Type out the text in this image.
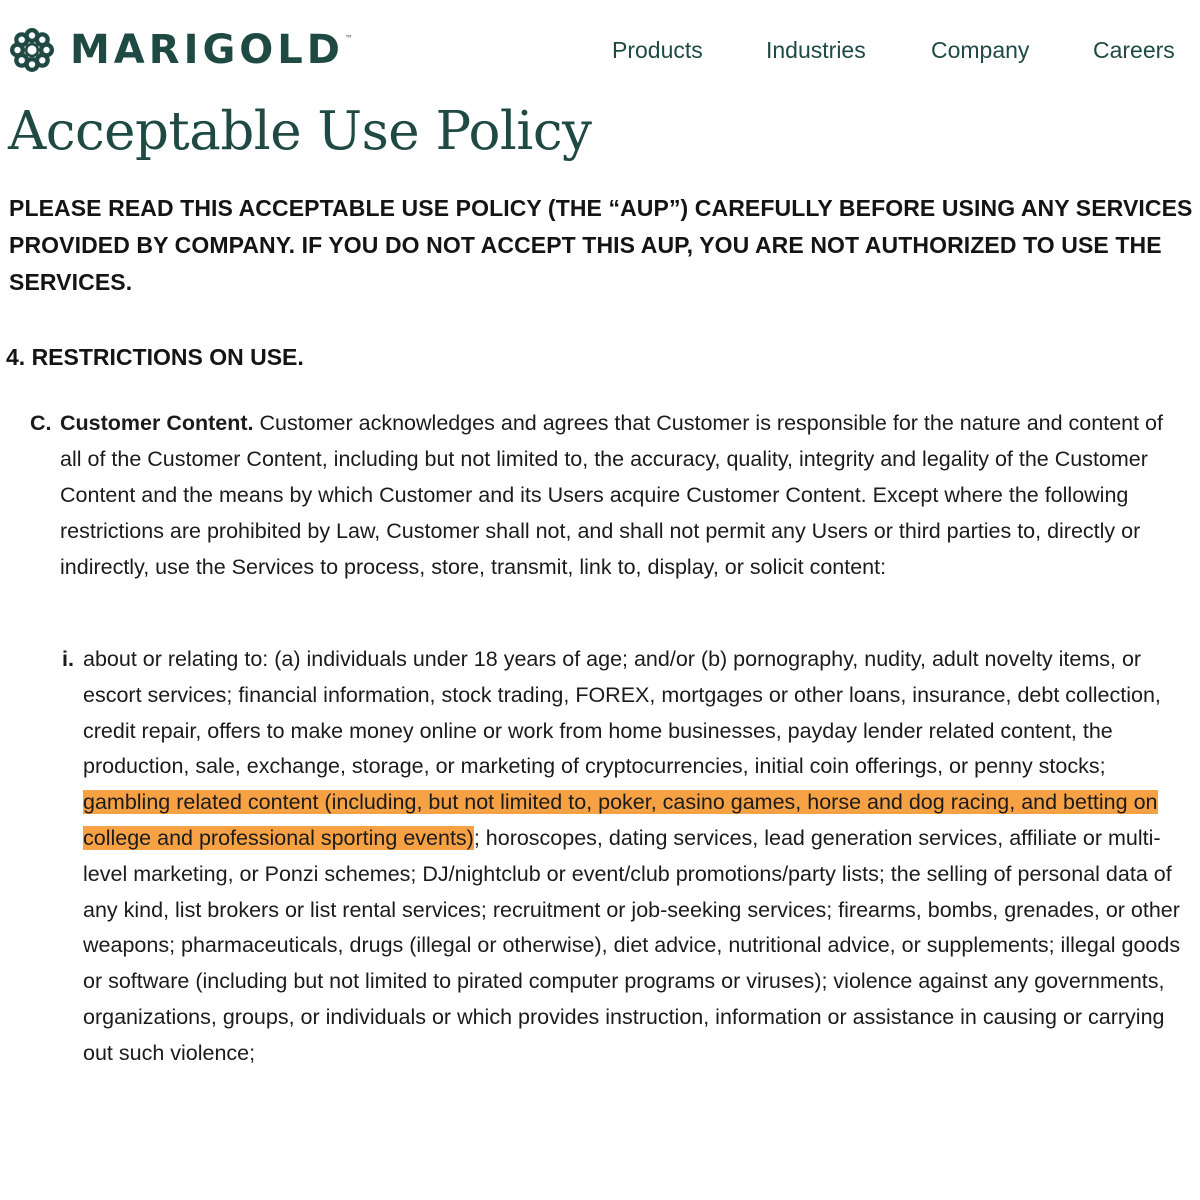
MARIGOLD ™	Products	Industries	Company	Careers
Acceptable Use Policy

PLEASE READ THIS ACCEPTABLE USE POLICY (THE “AUP”) CAREFULLY BEFORE USING ANY SERVICES PROVIDED BY COMPANY. IF YOU DO NOT ACCEPT THIS AUP, YOU ARE NOT AUTHORIZED TO USE THE SERVICES.

4. RESTRICTIONS ON USE.

C. Customer Content. Customer acknowledges and agrees that Customer is responsible for the nature and content of all of the Customer Content, including but not limited to, the accuracy, quality, integrity and legality of the Customer Content and the means by which Customer and its Users acquire Customer Content. Except where the following restrictions are prohibited by Law, Customer shall not, and shall not permit any Users or third parties to, directly or indirectly, use the Services to process, store, transmit, link to, display, or solicit content:

i. about or relating to: (a) individuals under 18 years of age; and/or (b) pornography, nudity, adult novelty items, or escort services; financial information, stock trading, FOREX, mortgages or other loans, insurance, debt collection, credit repair, offers to make money online or work from home businesses, payday lender related content, the production, sale, exchange, storage, or marketing of cryptocurrencies, initial coin offerings, or penny stocks; gambling related content (including, but not limited to, poker, casino games, horse and dog racing, and betting on college and professional sporting events); horoscopes, dating services, lead generation services, affiliate or multi-level marketing, or Ponzi schemes; DJ/nightclub or event/club promotions/party lists; the selling of personal data of any kind, list brokers or list rental services; recruitment or job-seeking services; firearms, bombs, grenades, or other weapons; pharmaceuticals, drugs (illegal or otherwise), diet advice, nutritional advice, or supplements; illegal goods or software (including but not limited to pirated computer programs or viruses); violence against any governments, organizations, groups, or individuals or which provides instruction, information or assistance in causing or carrying out such violence;
